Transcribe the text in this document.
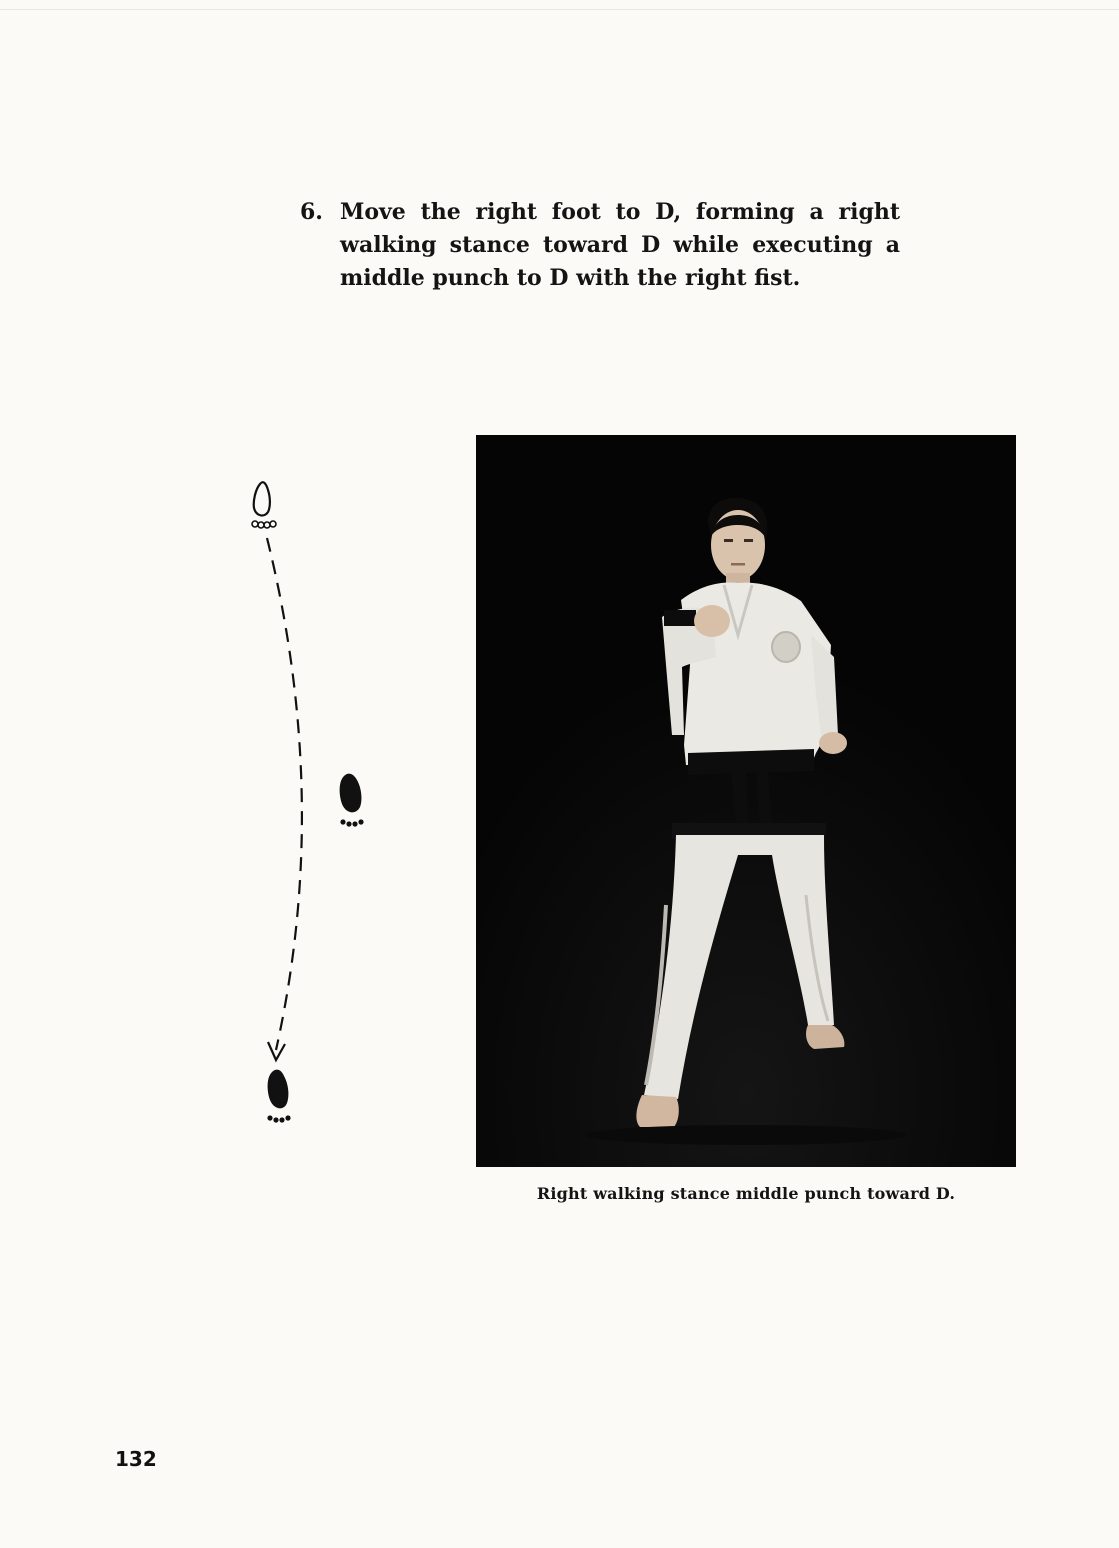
6. Move the right foot to D, forming a right walking stance toward D while executing a middle punch to D with the right fist.
Right walking stance middle punch toward D.
132
